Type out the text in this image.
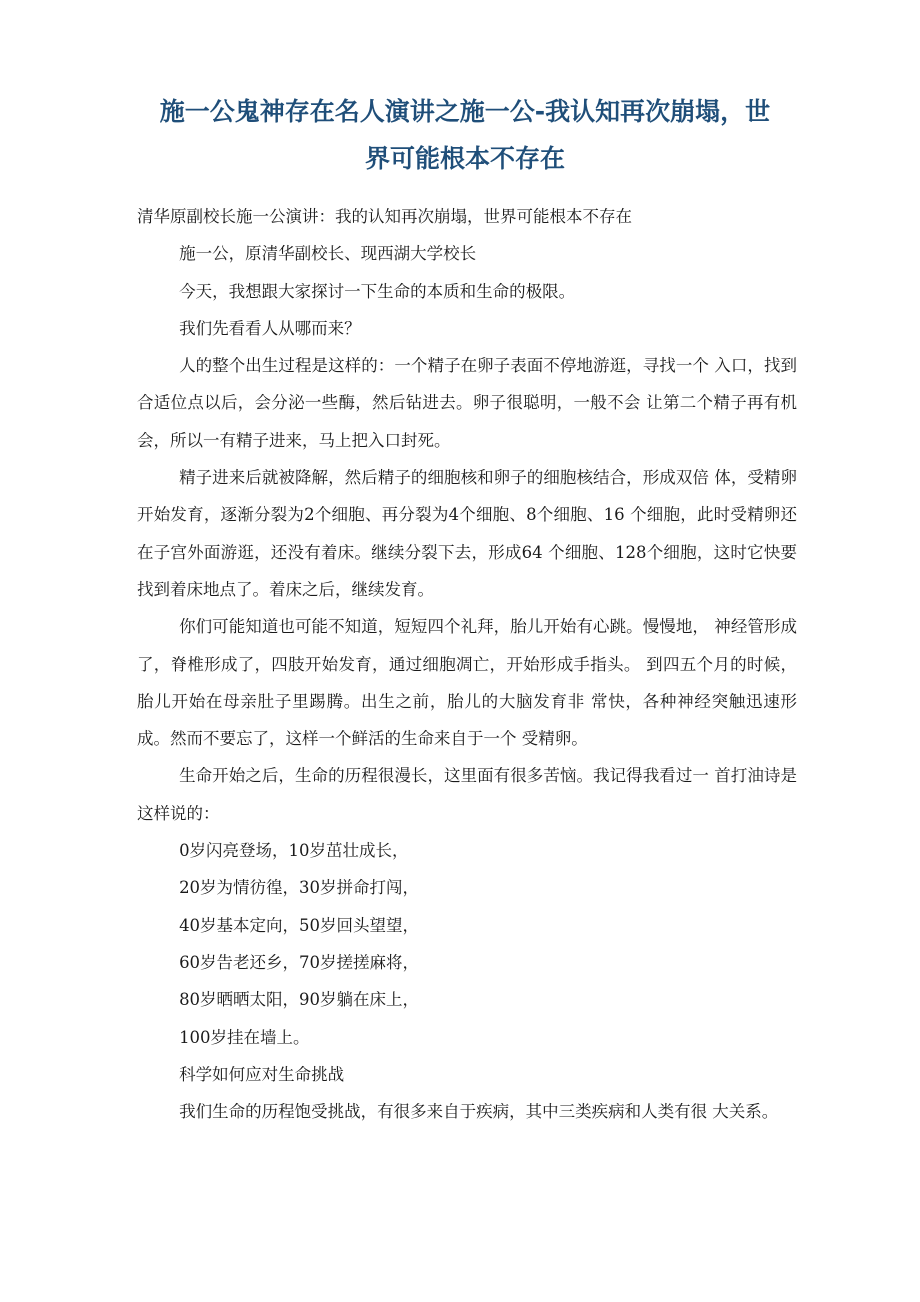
施一公鬼神存在名人演讲之施一公-我认知再次崩塌，世界可能根本不存在

清华原副校长施一公演讲：我的认知再次崩塌，世界可能根本不存在

施一公，原清华副校长、现西湖大学校长

今天，我想跟大家探讨一下生命的本质和生命的极限。

我们先看看人从哪而来？

人的整个出生过程是这样的：一个精子在卵子表面不停地游逛，寻找一个 入口，找到合适位点以后，会分泌一些酶，然后钻进去。卵子很聪明，一般不会 让第二个精子再有机会，所以一有精子进来，马上把入口封死。

精子进来后就被降解，然后精子的细胞核和卵子的细胞核结合，形成双倍 体，受精卵开始发育，逐渐分裂为2个细胞、再分裂为4个细胞、8个细胞、16 个细胞，此时受精卵还在子宫外面游逛，还没有着床。继续分裂下去，形成64 个细胞、128个细胞，这时它快要找到着床地点了。着床之后，继续发育。

你们可能知道也可能不知道，短短四个礼拜，胎儿开始有心跳。慢慢地， 神经管形成了，脊椎形成了，四肢开始发育，通过细胞凋亡，开始形成手指头。 到四五个月的时候，胎儿开始在母亲肚子里踢腾。出生之前，胎儿的大脑发育非 常快，各种神经突触迅速形成。然而不要忘了，这样一个鲜活的生命来自于一个 受精卵。

生命开始之后，生命的历程很漫长，这里面有很多苦恼。我记得我看过一 首打油诗是这样说的：

0岁闪亮登场，10岁茁壮成长，

20岁为情彷徨，30岁拼命打闯，

40岁基本定向，50岁回头望望，

60岁告老还乡，70岁搓搓麻将，

80岁晒晒太阳，90岁躺在床上，

100岁挂在墙上。

科学如何应对生命挑战

我们生命的历程饱受挑战，有很多来自于疾病，其中三类疾病和人类有很 大关系。
